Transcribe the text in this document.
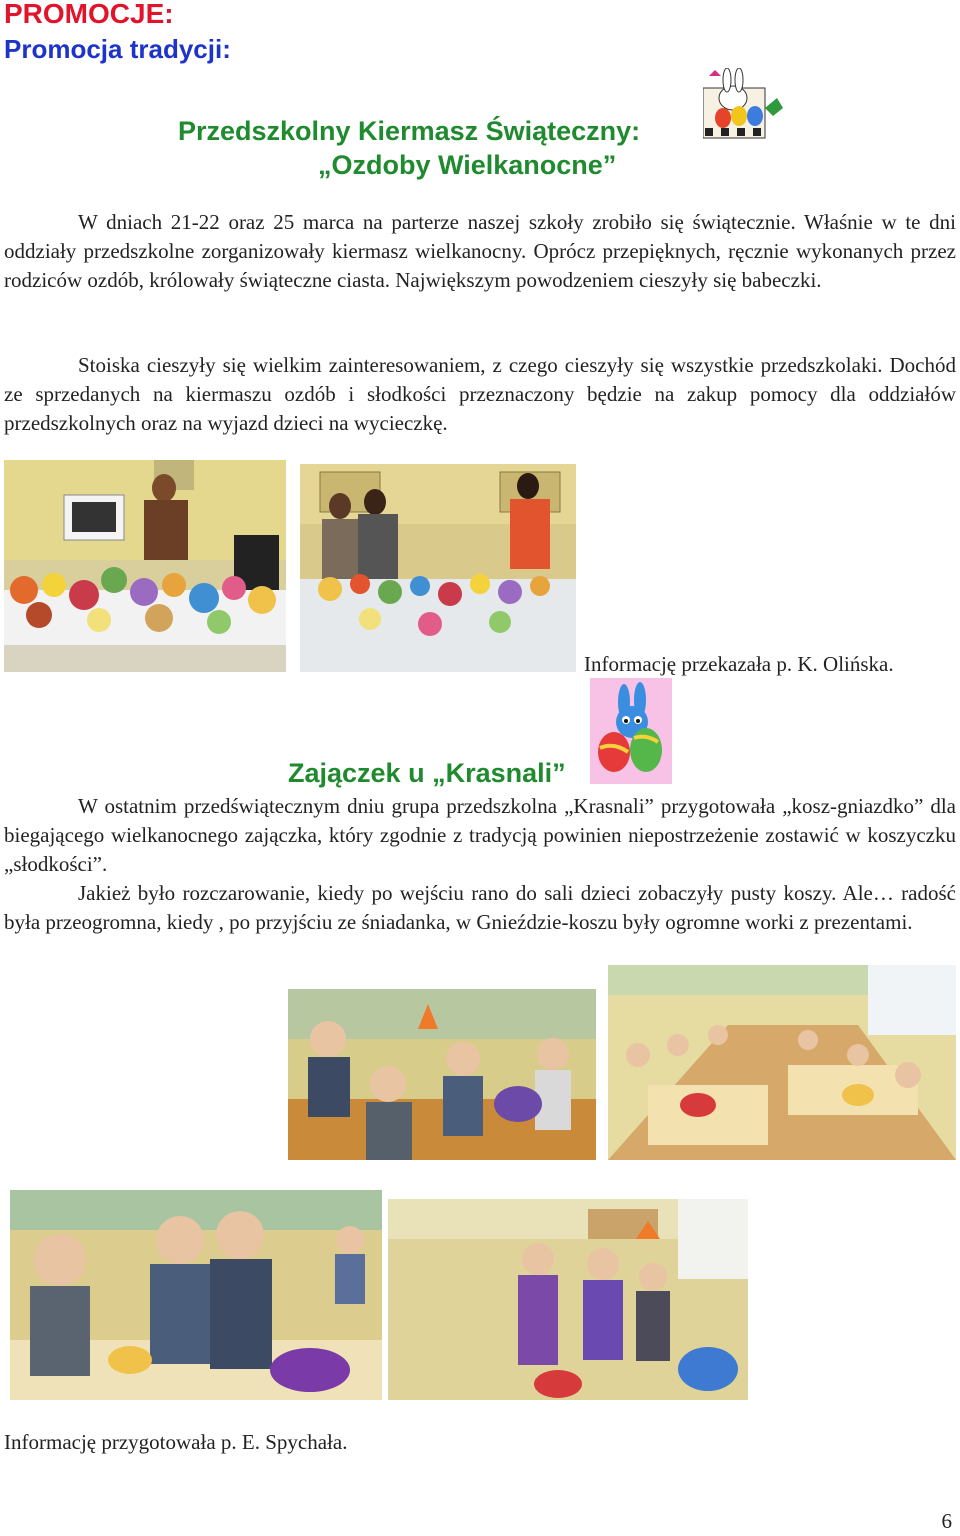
PROMOCJE:
Promocja tradycji:
Przedszkolny Kiermasz Świąteczny:
„Ozdoby Wielkanocne”
W dniach 21-22 oraz 25 marca na parterze naszej szkoły zrobiło się świątecznie. Właśnie w te dni oddziały przedszkolne zorganizowały kiermasz wielkanocny. Oprócz przepięknych, ręcznie wykonanych przez rodziców ozdób, królowały świąteczne ciasta. Największym powodzeniem cieszyły się babeczki.
Stoiska cieszyły się wielkim zainteresowaniem, z czego cieszyły się wszystkie przedszkolaki. Dochód ze sprzedanych na kiermaszu ozdób i słodkości przeznaczony będzie na zakup pomocy dla oddziałów przedszkolnych oraz na wyjazd dzieci na wycieczkę.
Informację przekazała p. K. Olińska.
Zajączek u „Krasnali”
W ostatnim przedświątecznym dniu grupa przedszkolna „Krasnali” przygotowała „kosz-gniazdko” dla biegającego wielkanocnego zajączka, który zgodnie z tradycją powinien niepostrzeżenie zostawić w koszyczku „słodkości”.
Jakież było rozczarowanie, kiedy po wejściu rano do sali dzieci zobaczyły pusty koszy. Ale… radość była przeogromna, kiedy , po przyjściu ze śniadanka, w Gnieździe-koszu były ogromne worki z prezentami.
Informację przygotowała p. E. Spychała.
6
